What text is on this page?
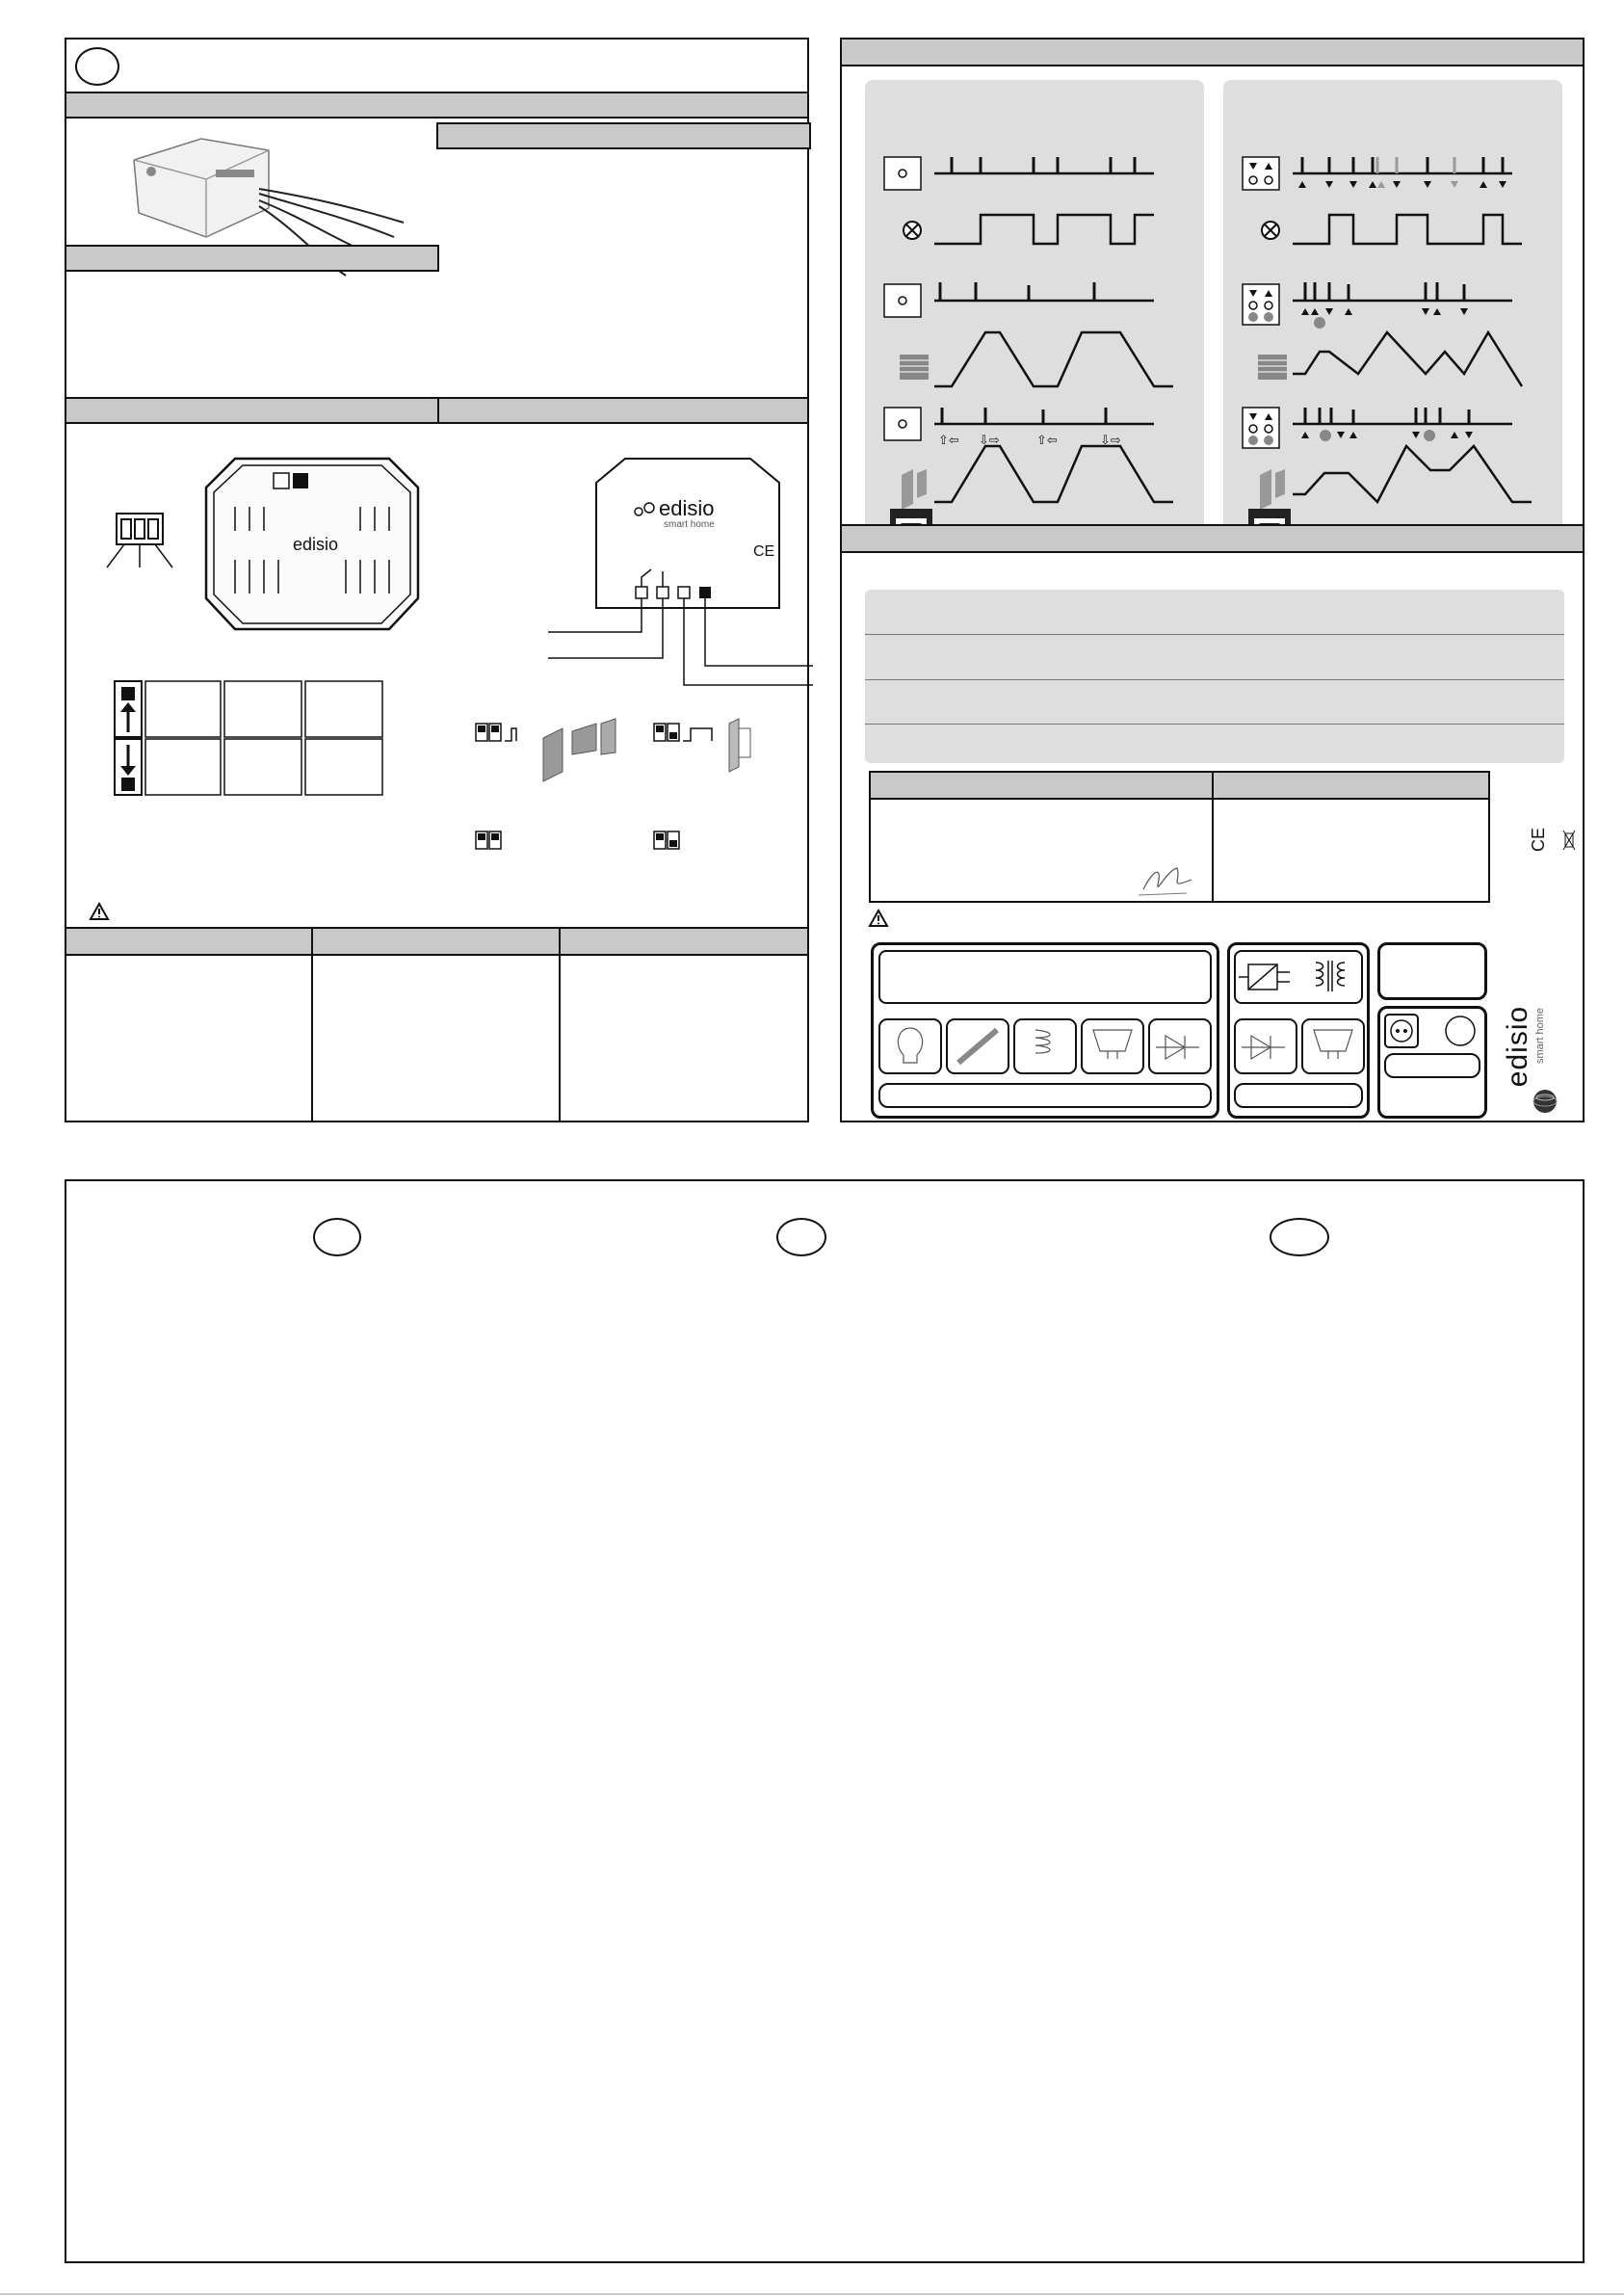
edisio
edisio
smart home
CE
⇧⇦ ⇩⇨	⇧⇦	⇩⇨
CE
edisio smart home
